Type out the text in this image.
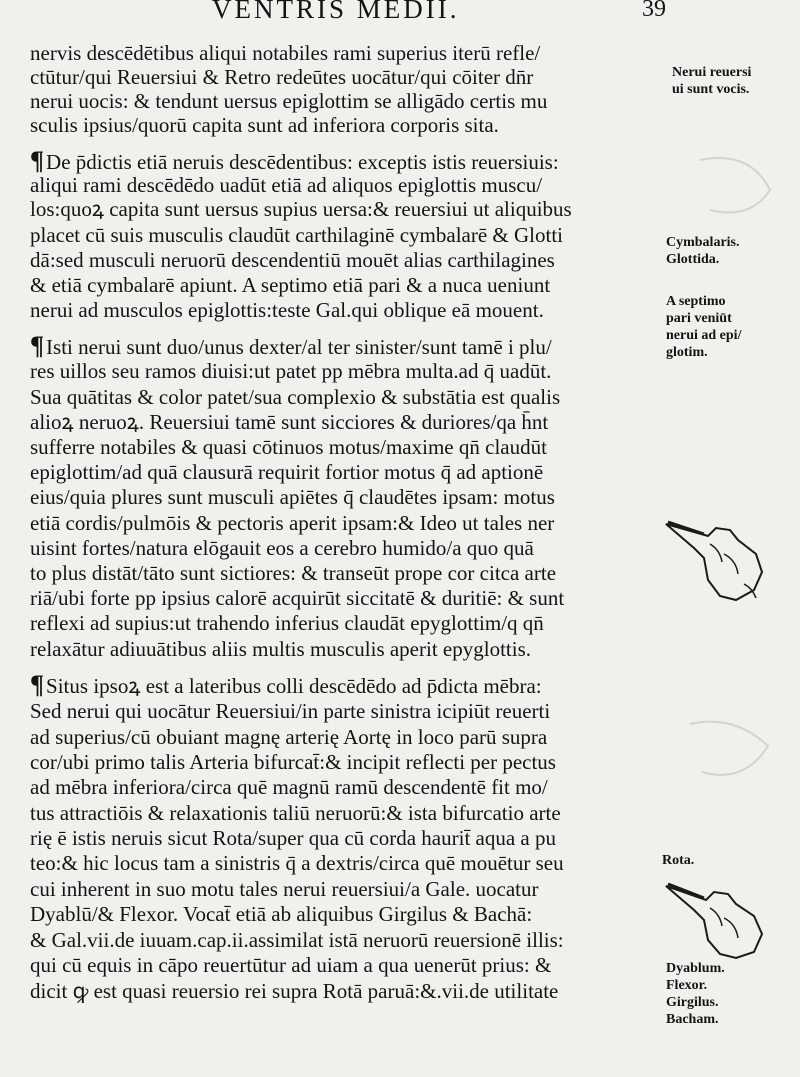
VENTRIS MEDII.	39
nervis descēdētibus aliqui notabiles rami superius iterū refle/
ctūtur/qui Reuersiui & Retro redeūtes uocātur/qui cōiter dn̄r
nerui uocis: & tendunt uersus epiglottim se alligādo certis mu
sculis ipsius/quorū capita sunt ad inferiora corporis sita.
¶De p̄dictis etiā neruis descēdentibus: exceptis istis reuersiuis:
aliqui rami descēdēdo uadūt etiā ad aliquos epiglottis muscu/
los:quoꝝ capita sunt uersus supius uersa:& reuersiui ut aliquibus
placet cū suis musculis claudūt carthilaginē cymbalarē & Glotti
dā:sed musculi neruorū descendentiū mouēt alias carthilagines
& etiā cymbalarē apiunt. A septimo etiā pari & a nuca ueniunt
nerui ad musculos epiglottis:teste Gal.qui oblique eā mouent.
¶Isti nerui sunt duo/unus dexter/al ter sinister/sunt tamē i plu/
res uillos seu ramos diuisi:ut patet pp mēbra multa.ad q̄ uadūt.
Sua quātitas & color patet/sua complexio & substātia est qualis
alioꝝ neruoꝝ. Reuersiui tamē sunt sicciores & duriores/qa h̄nt
sufferre notabiles & quasi cōtinuos motus/maxime qn̄ claudūt
epiglottim/ad quā clausurā requirit fortior motus q̄ ad aptionē
eius/quia plures sunt musculi apiētes q̄ claudētes ipsam: motus
etiā cordis/pulmōis & pectoris aperit ipsam:& Ideo ut tales ner
uisint fortes/natura elōgauit eos a cerebro humido/a quo quā
to plus distāt/tāto sunt sictiores: & transeūt prope cor citca arte
riā/ubi forte pp ipsius calorē acquirūt siccitatē & duritiē: & sunt
reflexi ad supius:ut trahendo inferius claudāt epyglottim/q qn̄
relaxātur adiuuātibus aliis multis musculis aperit epyglottis.
¶Situs ipsoꝝ est a lateribus colli descēdēdo ad p̄dicta mēbra:
Sed nerui qui uocātur Reuersiui/in parte sinistra icipiūt reuerti
ad superius/cū obuiant magnę arterię Aortę in loco parū supra
cor/ubi primo talis Arteria bifurcat̄:& incipit reflecti per pectus
ad mēbra inferiora/circa quē magnū ramū descendentē fit mo/
tus attractiōis & relaxationis taliū neruorū:& ista bifurcatio arte
rię ē istis neruis sicut Rota/super qua cū corda haurit̄ aqua a pu
teo:& hic locus tam a sinistris q̄ a dextris/circa quē mouētur seu
cui inherent in suo motu tales nerui reuersiui/a Gale. uocatur
Dyablū/& Flexor. Vocat̄ etiā ab aliquibus Girgilus & Bachā:
& Gal.vii.de iuuam.cap.ii.assimilat istā neruorū reuersionē illis:
qui cū equis in cāpo reuertūtur ad uiam a qua uenerūt prius: &
dicit ꝙ est quasi reuersio rei supra Rotā paruā:&.vii.de utilitate
Nerui reuersi
ui sunt vocis.
Cymbalaris.
Glottida.
A septimo
pari veniūt
nerui ad epi/
glotim.
Rota.
Dyablum.
Flexor.
Girgilus.
Bacham.
